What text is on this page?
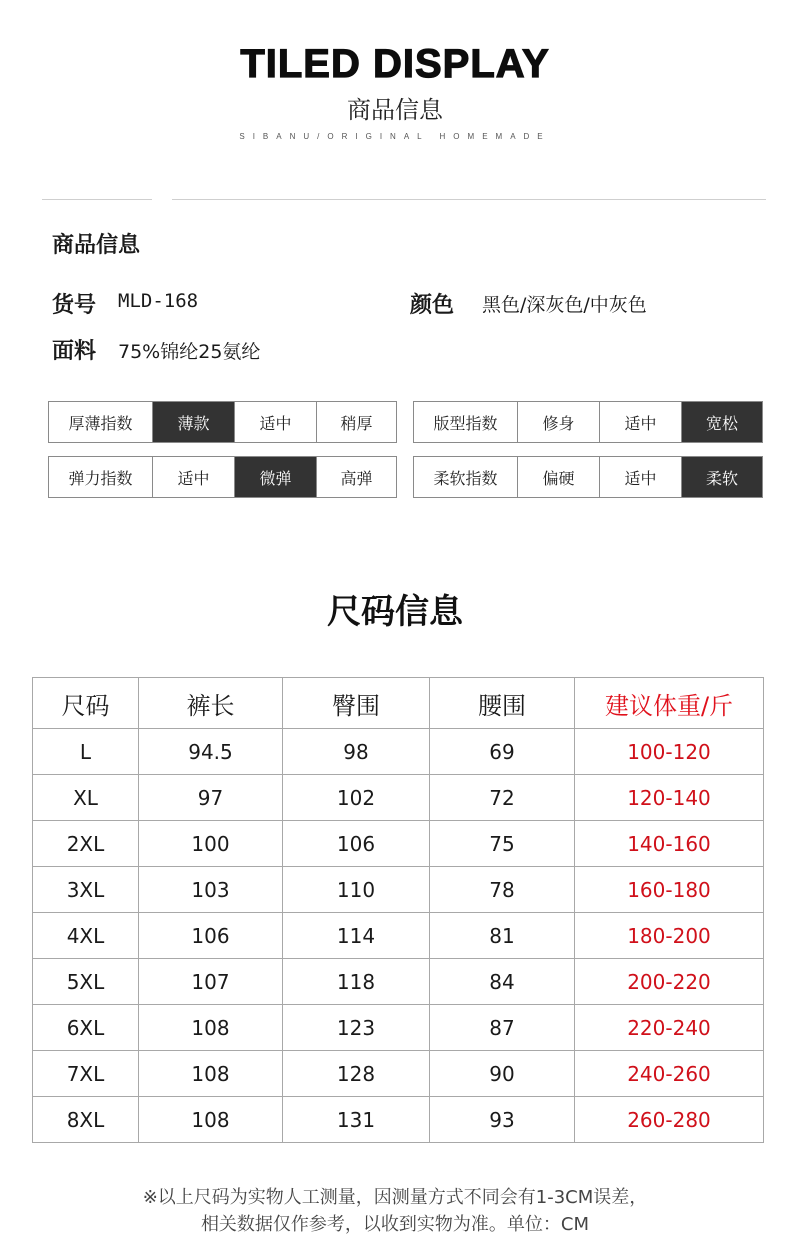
TILED DISPLAY
商品信息
SIBANU/ORIGINAL HOMEMADE
商品信息
货号 MLD-168	颜色 黑色/深灰色/中灰色
面料 75%锦纶25氨纶
厚薄指数	薄款	适中	稍厚	版型指数	修身	适中	宽松
弹力指数	适中	微弹	高弹	柔软指数	偏硬	适中	柔软
尺码信息
尺码	裤长	臀围	腰围	建议体重/斤
L	94.5	98	69	100-120
XL	97	102	72	120-140
2XL	100	106	75	140-160
3XL	103	110	78	160-180
4XL	106	114	81	180-200
5XL	107	118	84	200-220
6XL	108	123	87	220-240
7XL	108	128	90	240-260
8XL	108	131	93	260-280
※以上尺码为实物人工测量，因测量方式不同会有1-3CM误差，
相关数据仅作参考，以收到实物为准。单位：CM
